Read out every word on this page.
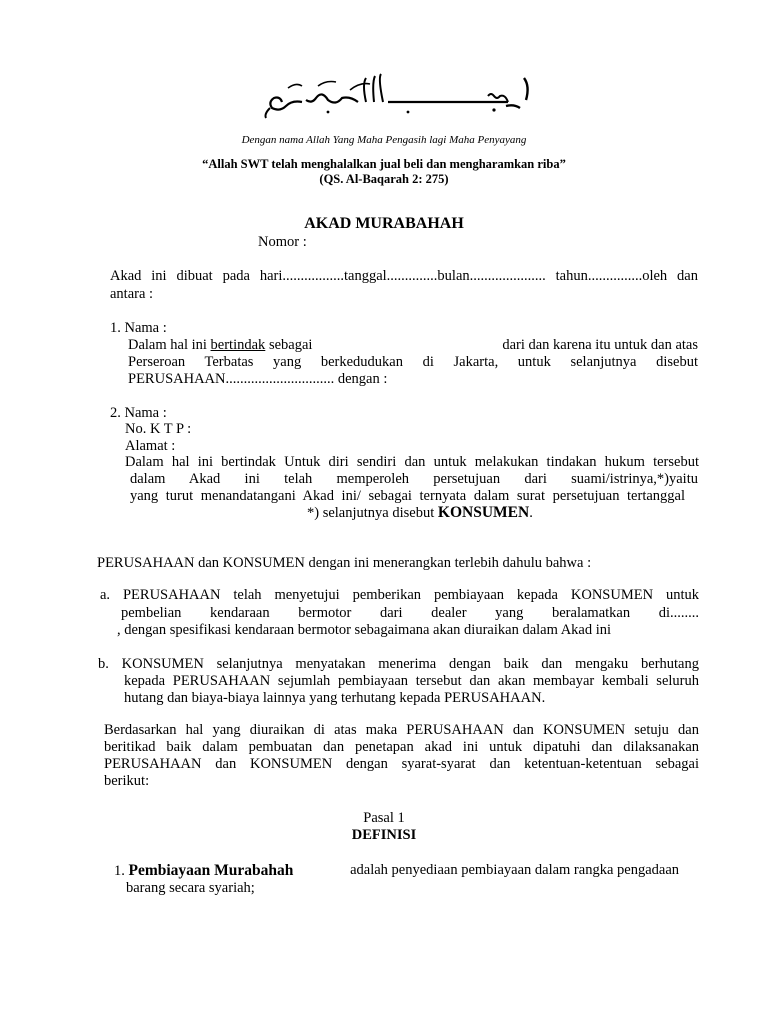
Dengan nama Allah Yang Maha Pengasih lagi Maha Penyayang
“Allah SWT telah menghalalkan jual beli dan mengharamkan riba”
(QS. Al-Baqarah 2: 275)
AKAD MURABAHAH
Nomor :
Akad ini dibuat pada hari.................tanggal..............bulan..................... tahun...............oleh dan
antara :
1. Nama :
Dalam hal ini bertindak sebagai	dari dan karena itu untuk dan atas
Perseroan Terbatas yang berkedudukan di Jakarta, untuk selanjutnya disebut
PERUSAHAAN.............................. dengan :
2. Nama :
No. K T P :
Alamat :
Dalam hal ini bertindak Untuk diri sendiri dan untuk melakukan tindakan hukum tersebut
dalam Akad ini telah memperoleh persetujuan dari suami/istrinya,*)yaitu
yang turut menandatangani Akad ini/ sebagai ternyata dalam surat persetujuan tertanggal
*) selanjutnya disebut KONSUMEN.
PERUSAHAAN dan KONSUMEN dengan ini menerangkan terlebih dahulu bahwa :
a. PERUSAHAAN telah menyetujui pemberikan pembiayaan kepada KONSUMEN untuk
pembelian kendaraan bermotor dari dealer yang beralamatkan di........
, dengan spesifikasi kendaraan bermotor sebagaimana akan diuraikan dalam Akad ini
b. KONSUMEN selanjutnya menyatakan menerima dengan baik dan mengaku berhutang
kepada PERUSAHAAN sejumlah pembiayaan tersebut dan akan membayar kembali seluruh
hutang dan biaya-biaya lainnya yang terhutang kepada PERUSAHAAN.
Berdasarkan hal yang diuraikan di atas maka PERUSAHAAN dan KONSUMEN setuju dan
beritikad baik dalam pembuatan dan penetapan akad ini untuk dipatuhi dan dilaksanakan
PERUSAHAAN dan KONSUMEN dengan syarat-syarat dan ketentuan-ketentuan sebagai
berikut:
Pasal 1
DEFINISI
1. Pembiayaan Murabahah	adalah penyediaan pembiayaan dalam rangka pengadaan
barang secara syariah;
